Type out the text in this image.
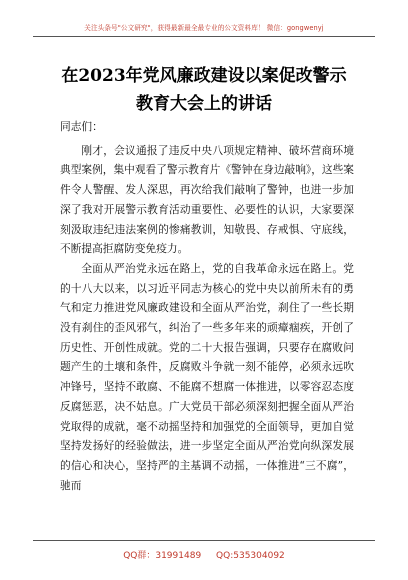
关注头条号"公文研究"，获得最新最全最专业的公文资料库！ 微信：gongwenyj
在2023年党风廉政建设以案促改警示教育大会上的讲话

同志们：

刚才，会议通报了违反中央八项规定精神、破坏营商环境典型案例，集中观看了警示教育片《警钟在身边敲响》，这些案件令人警醒、发人深思，再次给我们敲响了警钟，也进一步加深了我对开展警示教育活动重要性、必要性的认识，大家要深刻汲取违纪违法案例的惨痛教训，知敬畏、存戒惧、守底线，不断提高拒腐防变免疫力。

全面从严治党永远在路上，党的自我革命永远在路上。党的十八大以来，以习近平同志为核心的党中央以前所未有的勇气和定力推进党风廉政建设和全面从严治党，刹住了一些长期没有刹住的歪风邪气，纠治了一些多年来的顽瘴痼疾，开创了历史性、开创性成就。党的二十大报告强调，只要存在腐败问题产生的土壤和条件，反腐败斗争就一刻不能停，必须永远吹冲锋号，坚持不敢腐、不能腐不想腐一体推进，以零容忍态度反腐惩恶，决不姑息。广大党员干部必须深刻把握全面从严治党取得的成就，毫不动摇坚持和加强党的全面领导，更加自觉坚持发扬好的经验做法，进一步坚定全面从严治党向纵深发展的信心和决心，坚持严的主基调不动摇，一体推进“三不腐”，驰而

QQ群：31991489 QQ:535304092
